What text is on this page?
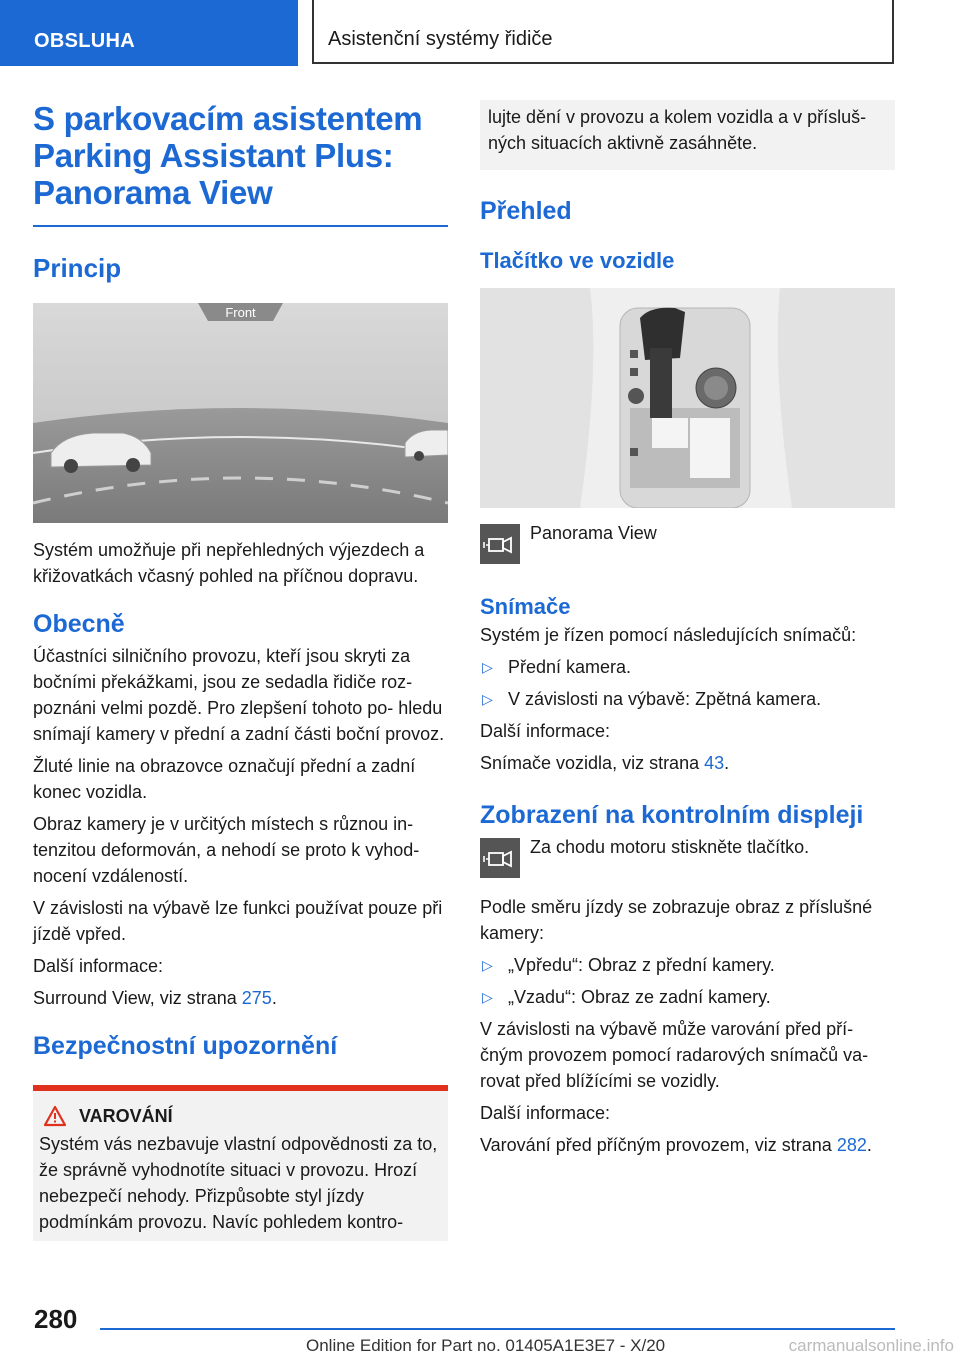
OBSLUHA	Asistenční systémy řidiče
S parkovacím asistentem Parking Assistant Plus: Panorama View
Princip
Front

Systém umožňuje při nepřehledných výjezdech a křižovatkách včasný pohled na příčnou dopravu.

Obecně

Účastníci silničního provozu, kteří jsou skryti za bočními překážkami, jsou ze sedadla řidiče roz- poznáni velmi pozdě. Pro zlepšení tohoto po- hledu snímají kamery v přední a zadní části boční provoz.

Žluté linie na obrazovce označují přední a zadní konec vozidla.

Obraz kamery je v určitých místech s různou in- tenzitou deformován, a nehodí se proto k vyhod- nocení vzdáleností.

V závislosti na výbavě lze funkci používat pouze při jízdě vpřed.

Další informace:

Surround View, viz strana 275.

Bezpečnostní upozornění
VAROVÁNÍ

Systém vás nezbavuje vlastní odpovědnosti za to, že správně vyhodnotíte situaci v provozu. Hrozí nebezpečí nehody. Přizpůsobte styl jízdy podmínkám provozu. Navíc pohledem kontro-

lujte dění v provozu a kolem vozidla a v přísluš- ných situacích aktivně zasáhněte.

Přehled
Tlačítko ve vozidle
Panorama View
Snímače

Systém je řízen pomocí následujících snímačů:

▷ Přední kamera.
▷ V závislosti na výbavě: Zpětná kamera.

Další informace:

Snímače vozidla, viz strana 43.

Zobrazení na kontrolním displeji
Za chodu motoru stiskněte tlačítko.

Podle směru jízdy se zobrazuje obraz z příslušné kamery:

▷ „Vpředu“: Obraz z přední kamery.
▷ „Vzadu“: Obraz ze zadní kamery.

V závislosti na výbavě může varování před pří- čným provozem pomocí radarových snímačů va- rovat před blížícími se vozidly.

Další informace:

Varování před příčným provozem, viz strana 282.

280
Online Edition for Part no. 01405A1E3E7 - X/20	carmanualsonline.info
